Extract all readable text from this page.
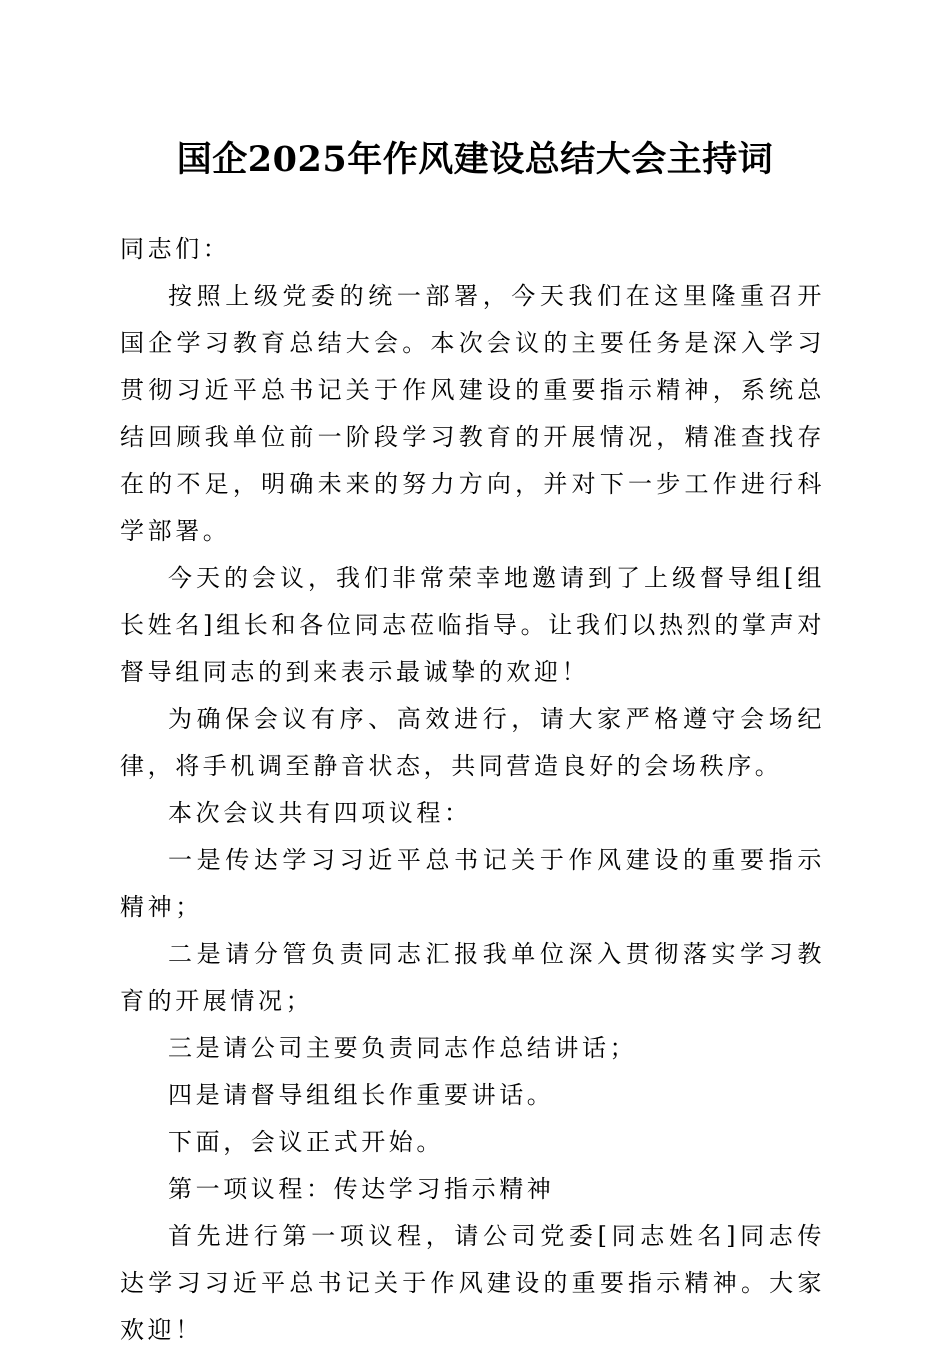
国企2025年作风建设总结大会主持词

同志们：

按照上级党委的统一部署，今天我们在这里隆重召开国企学习教育总结大会。本次会议的主要任务是深入学习贯彻习近平总书记关于作风建设的重要指示精神，系统总结回顾我单位前一阶段学习教育的开展情况，精准查找存在的不足，明确未来的努力方向，并对下一步工作进行科学部署。

今天的会议，我们非常荣幸地邀请到了上级督导组[组长姓名]组长和各位同志莅临指导。让我们以热烈的掌声对督导组同志的到来表示最诚挚的欢迎！

为确保会议有序、高效进行，请大家严格遵守会场纪律，将手机调至静音状态，共同营造良好的会场秩序。

本次会议共有四项议程：

一是传达学习习近平总书记关于作风建设的重要指示精神；

二是请分管负责同志汇报我单位深入贯彻落实学习教育的开展情况；

三是请公司主要负责同志作总结讲话；

四是请督导组组长作重要讲话。

下面，会议正式开始。

第一项议程：传达学习指示精神

首先进行第一项议程，请公司党委[同志姓名]同志传达学习习近平总书记关于作风建设的重要指示精神。大家欢迎！
